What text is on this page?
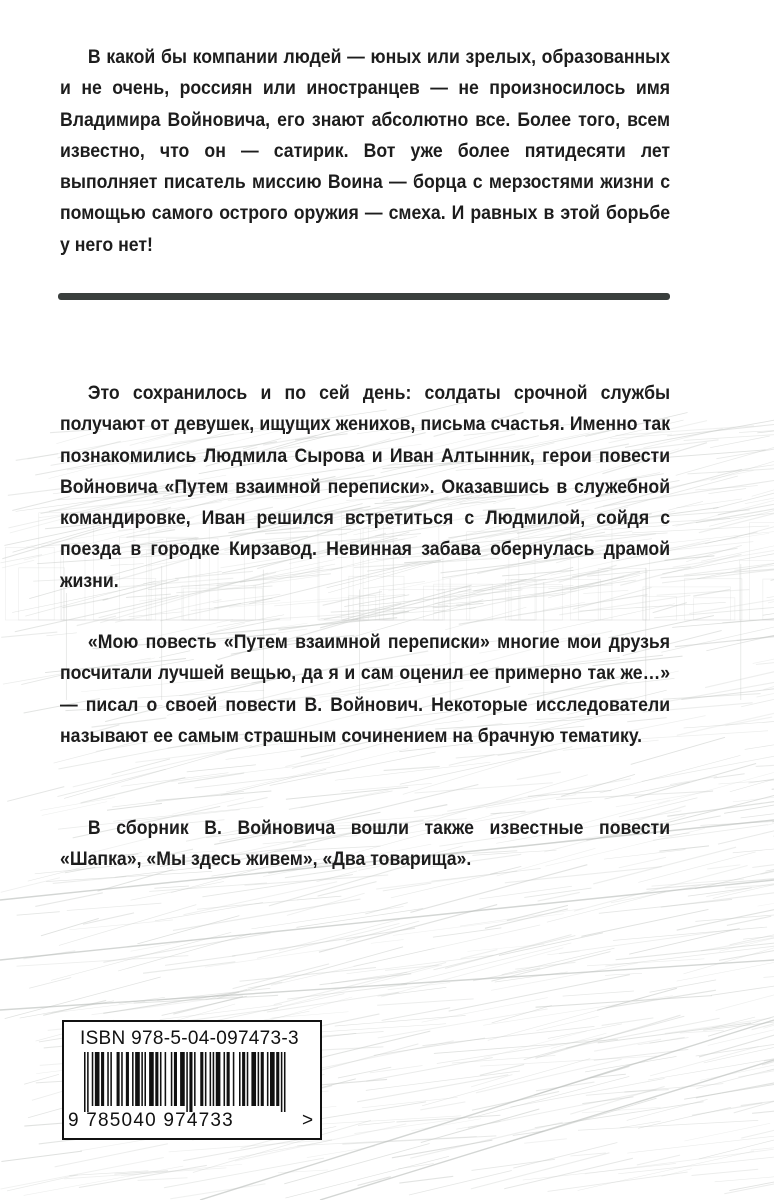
В какой бы компании людей — юных или зрелых, образованных и не очень, россиян или иностранцев — не произносилось имя Владимира Войновича, его знают абсолютно все. Более того, всем известно, что он — сатирик. Вот уже более пятидесяти лет выполняет писатель миссию Воина — борца с мерзостями жизни с помощью самого острого оружия — смеха. И равных в этой борьбе у него нет!

Это сохранилось и по сей день: солдаты срочной службы получают от девушек, ищущих женихов, письма счастья. Именно так познакомились Людмила Сырова и Иван Алтынник, герои повести Войновича «Путем взаимной переписки». Оказавшись в служебной командировке, Иван решился встретиться с Людмилой, сойдя с поезда в городке Кирзавод. Невинная забава обернулась драмой жизни.

«Мою повесть «Путем взаимной переписки» многие мои друзья посчитали лучшей вещью, да я и сам оценил ее примерно так же…» — писал о своей повести В. Войнович. Некоторые исследователи называют ее самым страшным сочинением на брачную тематику.

В сборник В. Войновича вошли также известные повести «Шапка», «Мы здесь живем», «Два товарища».

ISBN 978-5-04-097473-3
9 785040 974733	>
